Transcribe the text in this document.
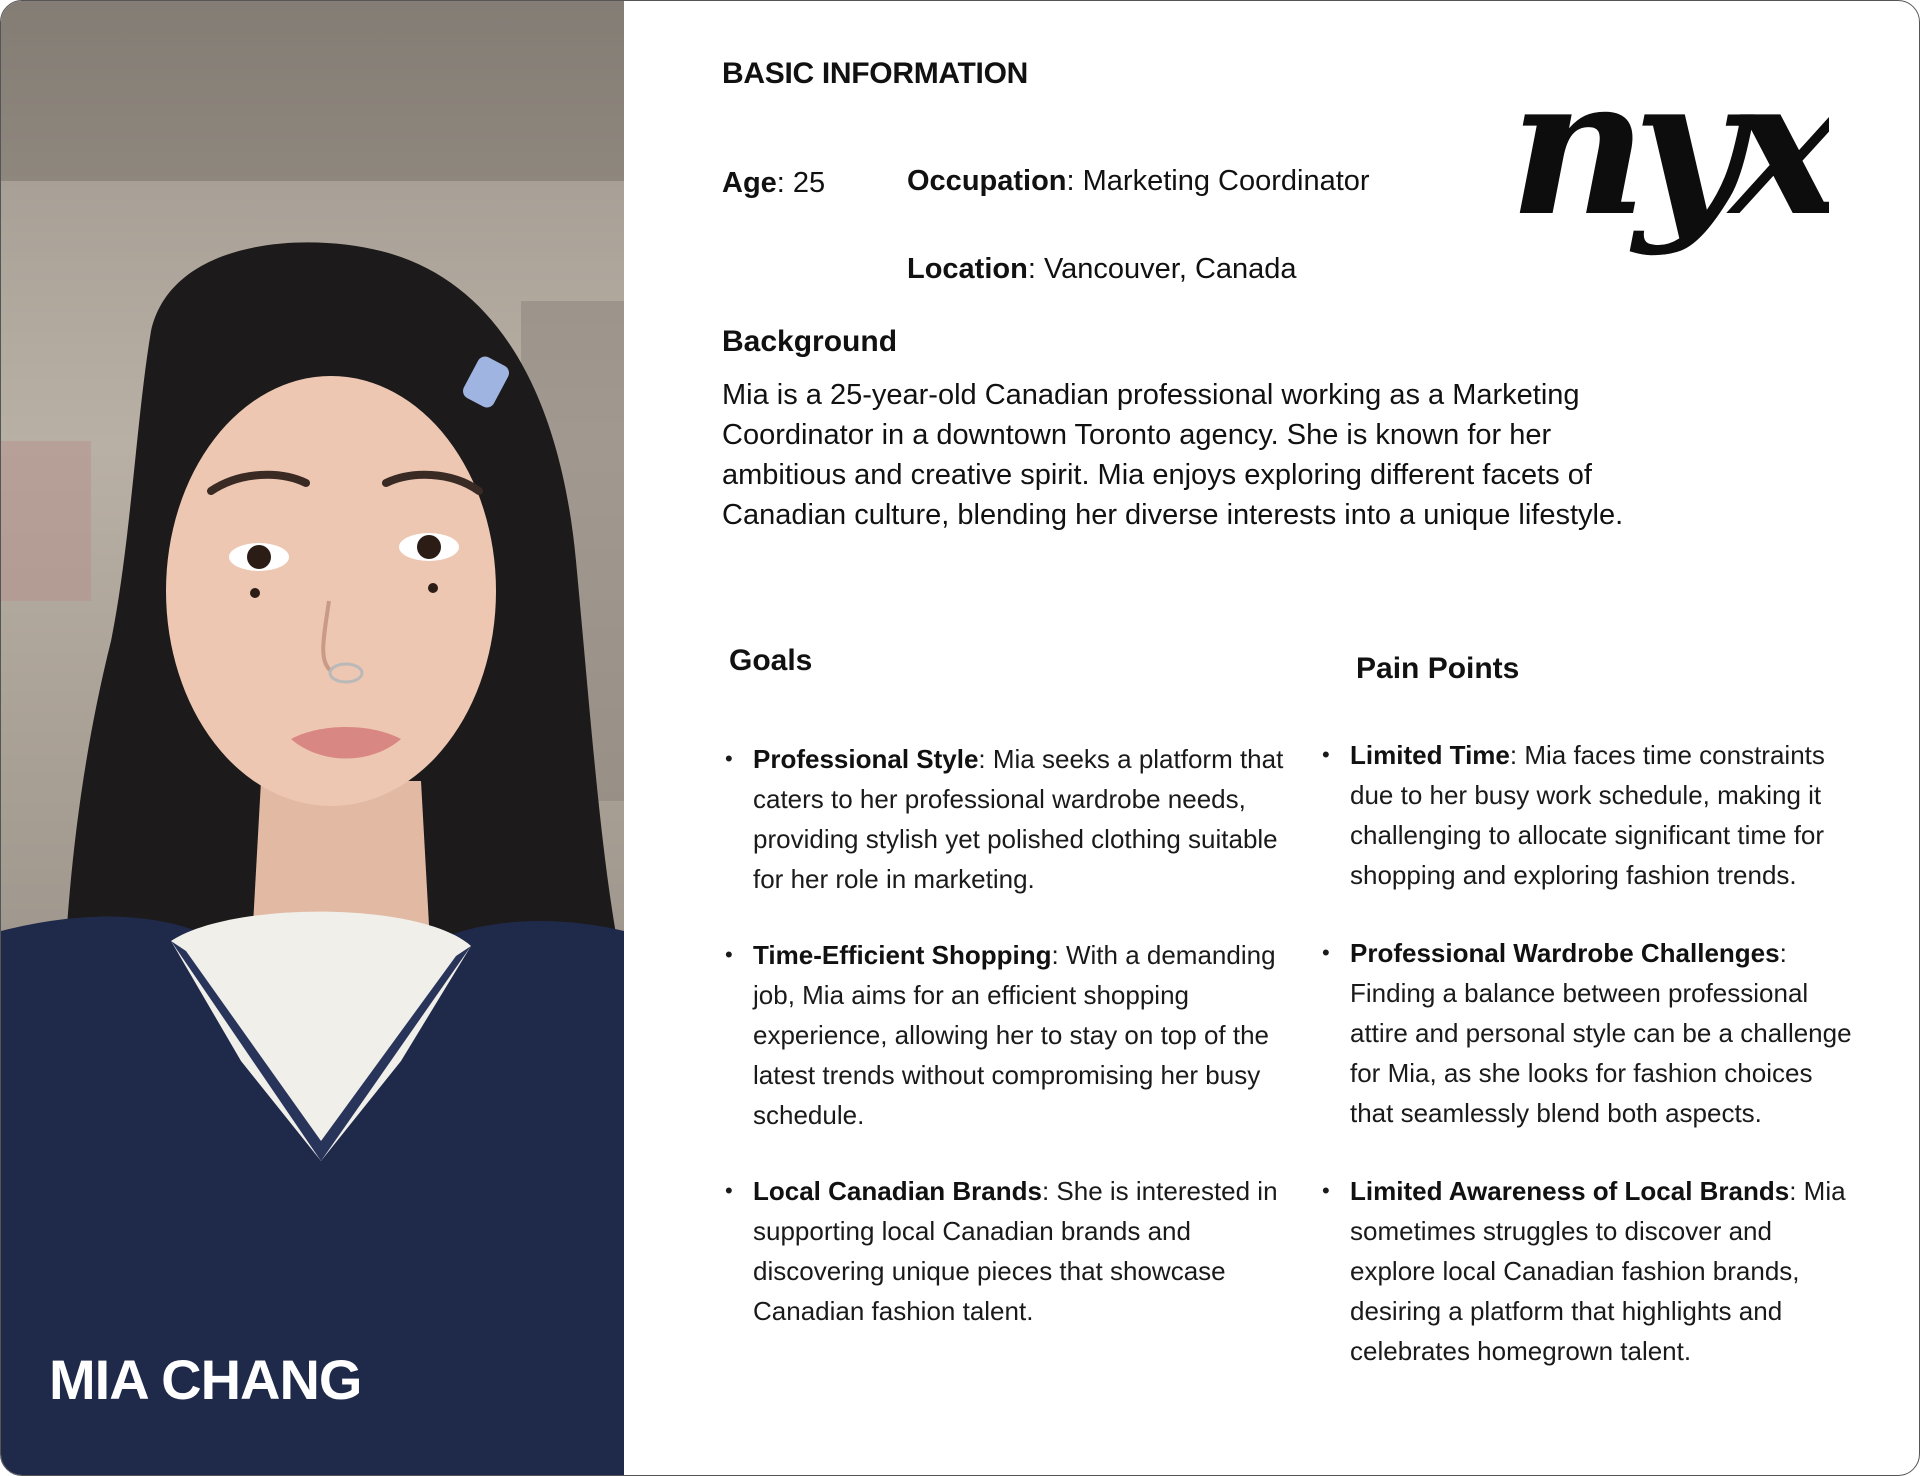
MIA CHANG
BASIC INFORMATION	nyx

Age: 25	Occupation: Marketing Coordinator

Location: Vancouver, Canada

Background

Mia is a 25-year-old Canadian professional working as a Marketing Coordinator in a downtown Toronto agency. She is known for her ambitious and creative spirit. Mia enjoys exploring different facets of Canadian culture, blending her diverse interests into a unique lifestyle.

Goals
• Professional Style: Mia seeks a platform that caters to her professional wardrobe needs, providing stylish yet polished clothing suitable for her role in marketing.
• Time-Efficient Shopping: With a demanding job, Mia aims for an efficient shopping experience, allowing her to stay on top of the latest trends without compromising her busy schedule.
• Local Canadian Brands: She is interested in supporting local Canadian brands and discovering unique pieces that showcase Canadian fashion talent.
Pain Points
• Limited Time: Mia faces time constraints due to her busy work schedule, making it challenging to allocate significant time for shopping and exploring fashion trends.
• Professional Wardrobe Challenges: Finding a balance between professional attire and personal style can be a challenge for Mia, as she looks for fashion choices that seamlessly blend both aspects.
• Limited Awareness of Local Brands: Mia sometimes struggles to discover and explore local Canadian fashion brands, desiring a platform that highlights and celebrates homegrown talent.
